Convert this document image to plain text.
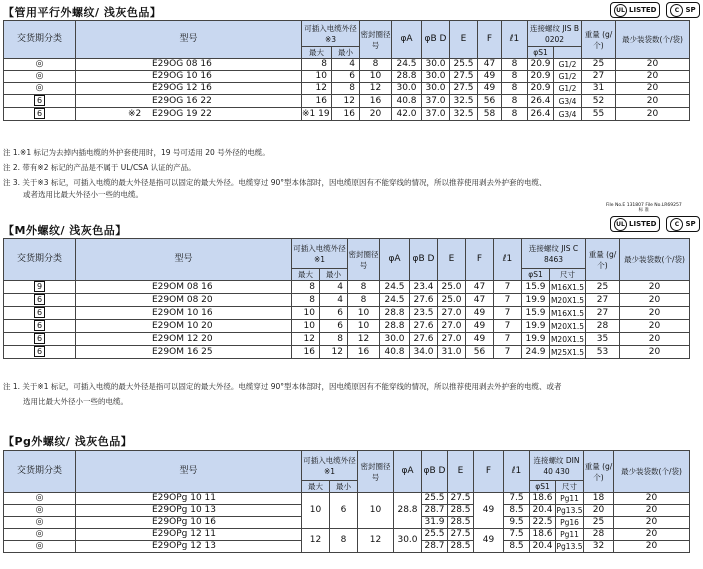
【管用平行外螺纹/ 浅灰色品】	UL LISTED	C SP
交货期分类	型号	可插入电缆外径※3		密封圈径号	φA	φB D	E	F	ℓ1	连接螺纹 JIS B 0202		重量 (g/个)	最少装袋数(个/袋)
		最大	最小							φS1			
◎	E29OG 08 16	8	4	8	24.5	30.0	25.5	47	8	20.9	G1/2	25	20
◎	E29OG 10 16	10	6	10	28.8	30.0	27.5	49	8	20.9	G1/2	27	20
◎	E29OG 12 16	12	8	12	30.0	30.0	27.5	49	8	20.9	G1/2	31	20
6	E29OG 16 22	16	12	16	40.8	37.0	32.5	56	8	26.4	G3/4	52	20
6	※2 E29OG 19 22	※1 19	16	20	42.0	37.0	32.5	58	8	26.4	G3/4	55	20
注 1.※1 标记为去掉内插电缆的外护套使用时，19 号可适用 20 号外径的电缆。
注 2. 带有※2 标记的产品是不属于 UL/CSA 认证的产品。
注 3. 关于※3 标记，可插入电缆的最大外径是指可以固定的最大外径。电缆穿过 90°型本体部时，因电缆原因有不能穿线的情况，所以推荐使用剥去外护套的电缆、
或者选用比最大外径小一些的电缆。
File No.E 131807 File No.LR69257
标 准
【M外螺纹/ 浅灰色品】	UL LISTED	C SP
交货期分类	型号	可插入电缆外径※1		密封圈径号	φA	φB D	E	F	ℓ1	连接螺纹 JIS C 8463		重量 (g/个)	最少装袋数(个/袋)
		最大	最小							φS1	尺寸		
9	E29OM 08 16	8	4	8	24.5	23.4	25.0	47	7	15.9	M16X1.5	25	20
6	E29OM 08 20	8	4	8	24.5	27.6	25.0	47	7	19.9	M20X1.5	27	20
6	E29OM 10 16	10	6	10	28.8	23.5	27.0	49	7	15.9	M16X1.5	27	20
6	E29OM 10 20	10	6	10	28.8	27.6	27.0	49	7	19.9	M20X1.5	28	20
6	E29OM 12 20	12	8	12	30.0	27.6	27.0	49	7	19.9	M20X1.5	35	20
6	E29OM 16 25	16	12	16	40.8	34.0	31.0	56	7	24.9	M25X1.5	53	20
注 1. 关于※1 标记，可插入电缆的最大外径是指可以固定的最大外径。电缆穿过 90°型本体部时，因电缆原因有不能穿线的情况，所以推荐使用剥去外护套的电缆、或者
选用比最大外径小一些的电缆。
【Pg外螺纹/ 浅灰色品】
交货期分类	型号	可插入电缆外径※1		密封圈径号	φA	φB D	E	F	ℓ1	连接螺纹 DIN 40 430		重量 (g/个)	最少装袋数(个/袋)
		最大	最小							φS1	尺寸		
◎	E29OPg 10 11	10	6	10	28.8	25.5	27.5	49	7.5	18.6	Pg11	18	20
◎	E29OPg 10 13					28.7	28.5		8.5	20.4	Pg13.5	20	20
◎	E29OPg 10 16					31.9	28.5		9.5	22.5	Pg16	25	20
◎	E29OPg 12 11	12	8	12	30.0	25.5	27.5	49	7.5	18.6	Pg11	28	20
◎	E29OPg 12 13					28.7	28.5		8.5	20.4	Pg13.5	32	20
